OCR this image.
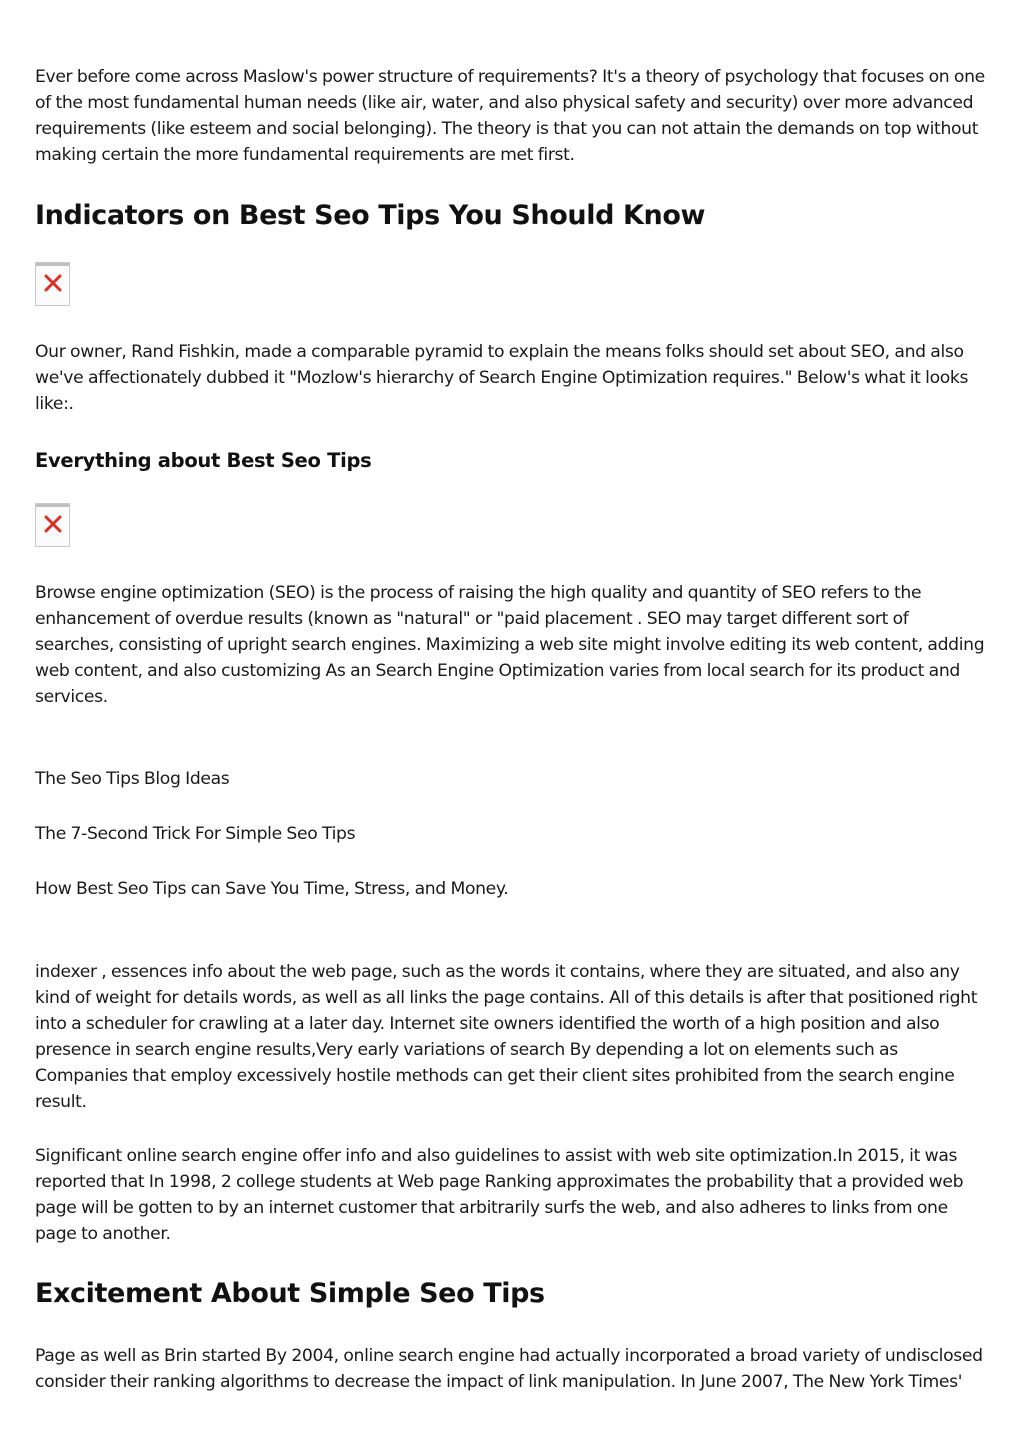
Ever before come across Maslow's power structure of requirements? It's a theory of psychology that focuses on one of the most fundamental human needs (like air, water, and also physical safety and security) over more advanced requirements (like esteem and social belonging). The theory is that you can not attain the demands on top without making certain the more fundamental requirements are met first.

Indicators on Best Seo Tips You Should Know

Our owner, Rand Fishkin, made a comparable pyramid to explain the means folks should set about SEO, and also we've affectionately dubbed it "Mozlow's hierarchy of Search Engine Optimization requires." Below's what it looks like:.

Everything about Best Seo Tips

Browse engine optimization (SEO) is the process of raising the high quality and quantity of SEO refers to the enhancement of overdue results (known as "natural" or "paid placement . SEO may target different sort of searches, consisting of upright search engines. Maximizing a web site might involve editing its web content, adding web content, and also customizing As an Search Engine Optimization varies from local search for its product and services.

The Seo Tips Blog Ideas

The 7-Second Trick For Simple Seo Tips

How Best Seo Tips can Save You Time, Stress, and Money.

indexer , essences info about the web page, such as the words it contains, where they are situated, and also any kind of weight for details words, as well as all links the page contains. All of this details is after that positioned right into a scheduler for crawling at a later day. Internet site owners identified the worth of a high position and also presence in search engine results,Very early variations of search By depending a lot on elements such as Companies that employ excessively hostile methods can get their client sites prohibited from the search engine result.

Significant online search engine offer info and also guidelines to assist with web site optimization.In 2015, it was reported that In 1998, 2 college students at Web page Ranking approximates the probability that a provided web page will be gotten to by an internet customer that arbitrarily surfs the web, and also adheres to links from one page to another.

Excitement About Simple Seo Tips

Page as well as Brin started By 2004, online search engine had actually incorporated a broad variety of undisclosed consider their ranking algorithms to decrease the impact of link manipulation. In June 2007, The New York Times'
